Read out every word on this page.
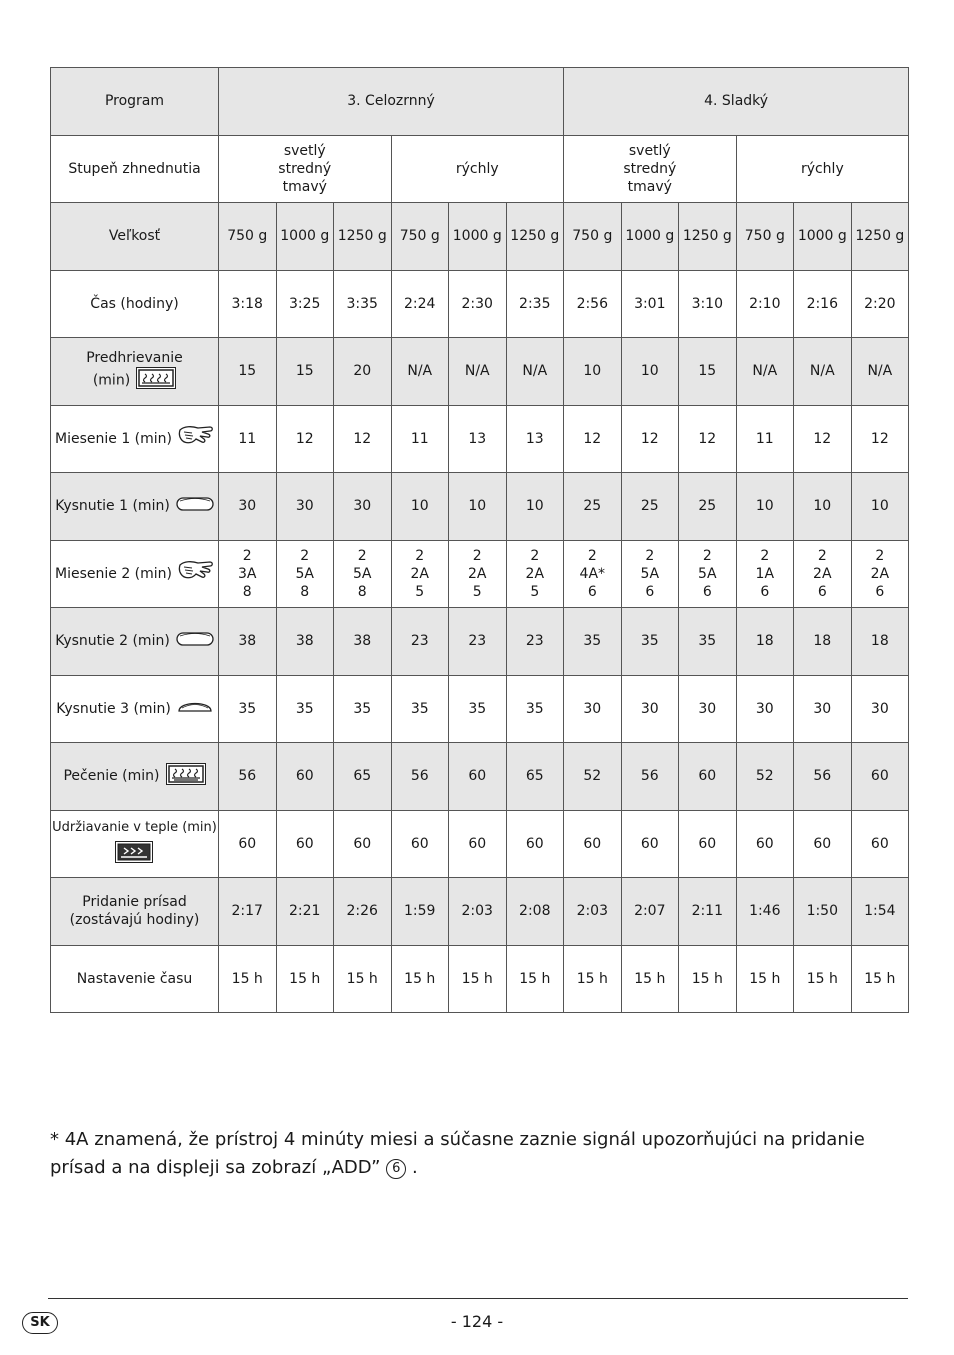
Program	3. Celozrnný						4. Sladký					
Stupeň zhnednutia	svetlý
stredný
tmavý			rýchly			svetlý
stredný
tmavý			rýchly		

Veľkosť	750 g	1000 g	1250 g	750 g	1000 g	1250 g	750 g	1000 g	1250 g	750 g	1000 g	1250 g

Čas (hodiny)	3:18	3:25	3:35	2:24	2:30	2:35	2:56	3:01	3:10	2:10	2:16	2:20

Predhrievanie
(min)	15	15	20	N/A	N/A	N/A	10	10	15	N/A	N/A	N/A

Miesenie 1 (min)	11	12	12	11	13	13	12	12	12	11	12	12

Kysnutie 1 (min)	30	30	30	10	10	10	25	25	25	10	10	10

Miesenie 2 (min)	2
3A
8	2
5A
8	2
5A
8	2
2A
5	2
2A
5	2
2A
5	2
4A*
6	2
5A
6	2
5A
6	2
1A
6	2
2A
6	2
2A
6

Kysnutie 2 (min)	38	38	38	23	23	23	35	35	35	18	18	18

Kysnutie 3 (min)	35	35	35	35	35	35	30	30	30	30	30	30

Pečenie (min)	56	60	65	56	60	65	52	56	60	52	56	60

Udržiavanie v teple (min)	60	60	60	60	60	60	60	60	60	60	60	60

Pridanie prísad
(zostávajú hodiny)	2:17	2:21	2:26	1:59	2:03	2:08	2:03	2:07	2:11	1:46	1:50	1:54

Nastavenie času	15 h	15 h	15 h	15 h	15 h	15 h	15 h	15 h	15 h	15 h	15 h	15 h
* 4A znamená, že prístroj 4 minúty miesi a súčasne zaznie signál upozorňujúci na pridanie prísad a na displeji sa zobrazí „ADD” 6 .
SK	- 124 -
